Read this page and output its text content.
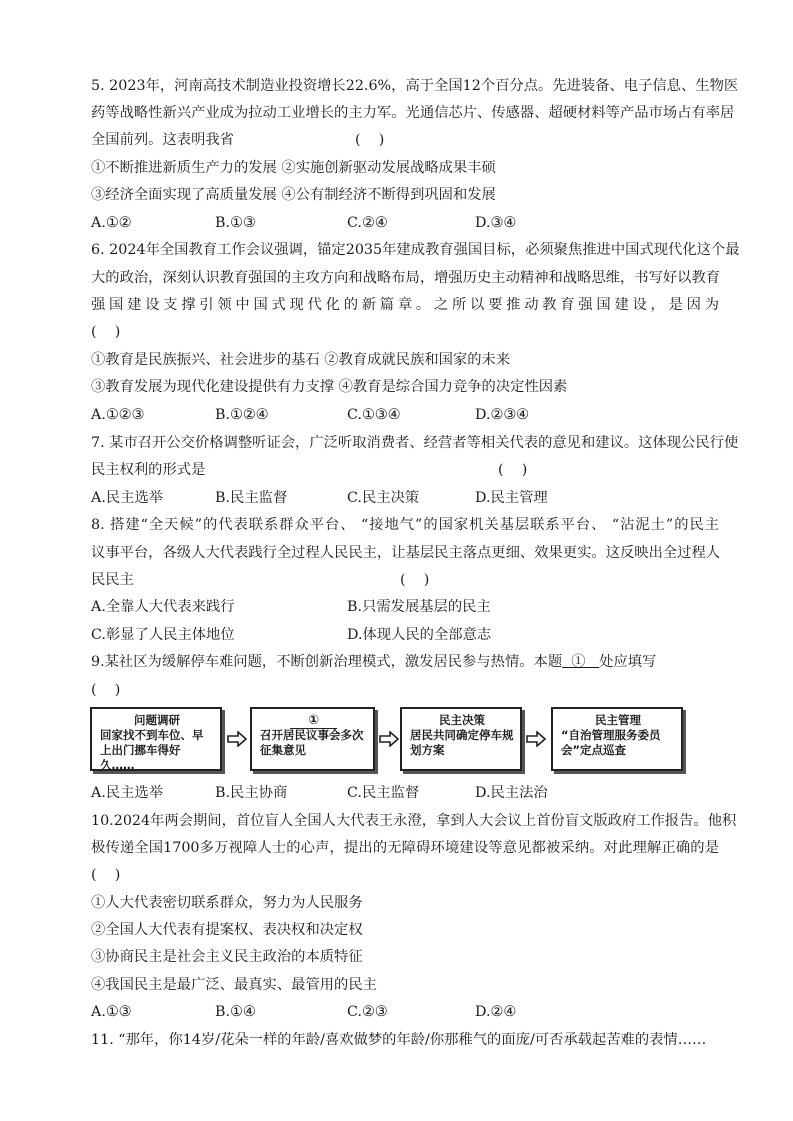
5. 2023年，河南高技术制造业投资增长22.6%，高于全国12个百分点。先进装备、电子信息、生物医
药等战略性新兴产业成为拉动工业增长的主力军。光通信芯片、传感器、超硬材料等产品市场占有率居
全国前列。这表明我省	(    )
①不断推进新质生产力的发展 ②实施创新驱动发展战略成果丰硕
③经济全面实现了高质量发展 ④公有制经济不断得到巩固和发展
A.①②	B.①③	C.②④	D.③④
6. 2024年全国教育工作会议强调，锚定2035年建成教育强国目标，必须聚焦推进中国式现代化这个最
大的政治，深刻认识教育强国的主攻方向和战略布局，增强历史主动精神和战略思维，书写好以教育
强国建设支撑引领中国式现代化的新篇章。之所以要推动教育强国建设，是因为
(    )
①教育是民族振兴、社会进步的基石 ②教育成就民族和国家的未来
③教育发展为现代化建设提供有力支撑 ④教育是综合国力竞争的决定性因素
A.①②③	B.①②④	C.①③④	D.②③④
7. 某市召开公交价格调整听证会，广泛听取消费者、经营者等相关代表的意见和建议。这体现公民行使
民主权利的形式是	(    )
A.民主选举	B.民主监督	C.民主决策	D.民主管理
8. 搭建“全天候”的代表联系群众平台、 “接地气”的国家机关基层联系平台、 “沾泥土”的民主
议事平台，各级人大代表践行全过程人民民主，让基层民主落点更细、效果更实。这反映出全过程人
民民主	(    )
A.全靠人大代表来践行	B.只需发展基层的民主
C.彰显了人民主体地位	D.体现人民的全部意志
9.某社区为缓解停车难问题，不断创新治理模式，激发居民参与热情。本题  ①   处应填写
(    )
问题调研
回家找不到车位、早上出门挪车得好久……
①
召开居民议事会多次征集意见
民主决策
居民共同确定停车规划方案
民主管理
“自治管理服务委员会”定点巡查
A.民主选举	B.民主协商	C.民主监督	D.民主法治
10.2024年两会期间，首位盲人全国人大代表王永澄，拿到人大会议上首份盲文版政府工作报告。他积
极传递全国1700多万视障人士的心声，提出的无障碍环境建设等意见都被采纳。对此理解正确的是
(    )
①人大代表密切联系群众，努力为人民服务
②全国人大代表有提案权、表决权和决定权
③协商民主是社会主义民主政治的本质特征
④我国民主是最广泛、最真实、最管用的民主
A.①③	B.①④	C.②③	D.②④
11. “那年，你14岁/花朵一样的年龄/喜欢做梦的年龄/你那稚气的面庞/可否承载起苦难的表情……
